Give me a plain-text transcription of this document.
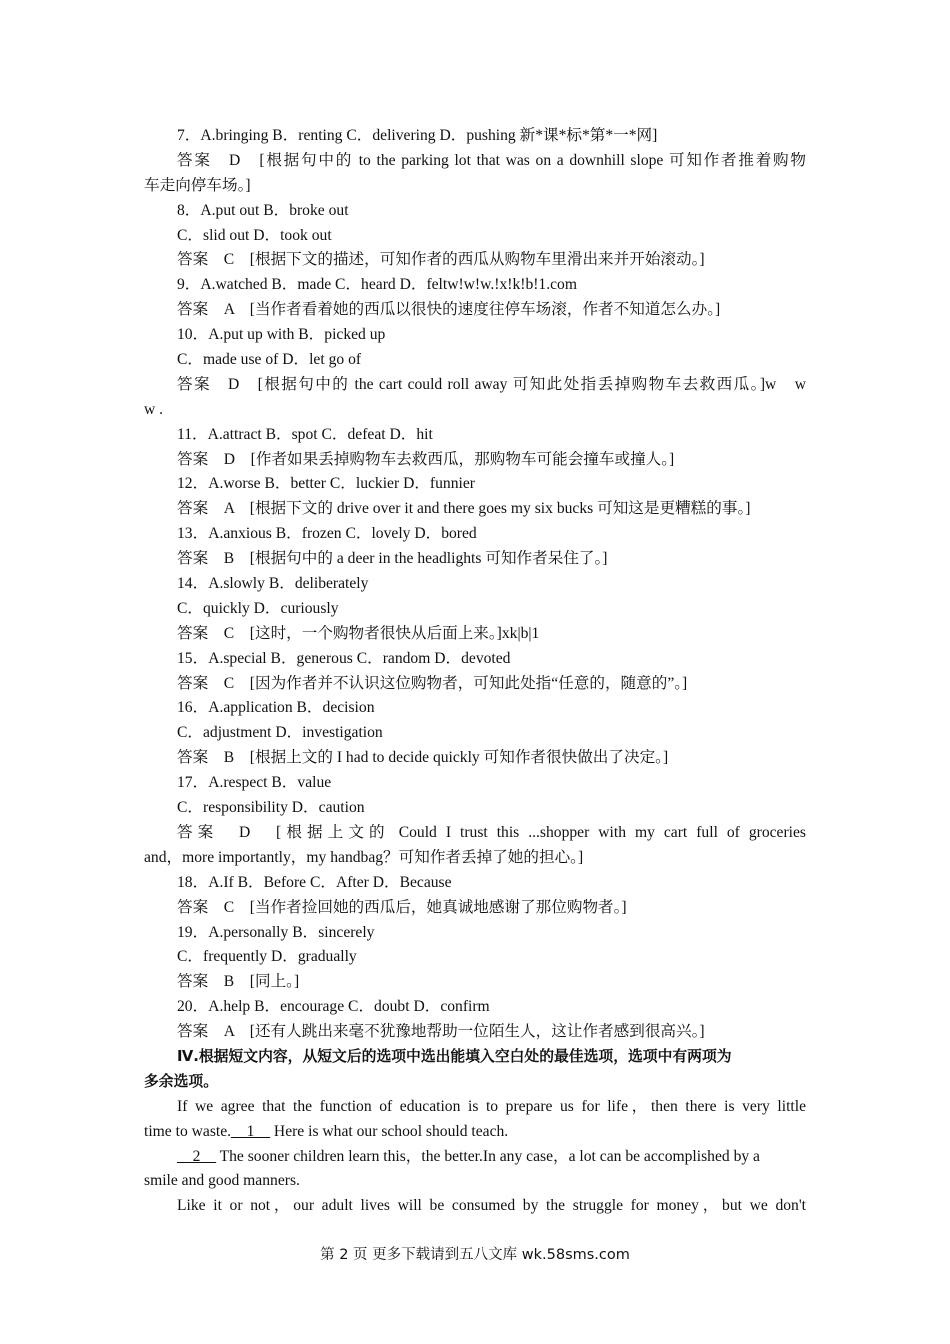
7．A.bringing B．renting C．delivering D．pushing 新*课*标*第*一*网]
答案　D　[根据句中的 to the parking lot that was on a downhill slope 可知作者推着购物
车走向停车场。]
8．A.put out B．broke out
C．slid out D．took out
答案　C　[根据下文的描述，可知作者的西瓜从购物车里滑出来并开始滚动。]
9．A.watched B．made C．heard D．feltw!w!w.!x!k!b!1.com
答案　A　[当作者看着她的西瓜以很快的速度往停车场滚，作者不知道怎么办。]
10．A.put up with B．picked up
C．made use of D．let go of
答案　D　[根据句中的 the cart could roll away 可知此处指丢掉购物车去救西瓜。]w　w
w .
11．A.attract B．spot C．defeat D．hit
答案　D　[作者如果丢掉购物车去救西瓜，那购物车可能会撞车或撞人。]
12．A.worse B．better C．luckier D．funnier
答案　A　[根据下文的 drive over it and there goes my six bucks 可知这是更糟糕的事。]
13．A.anxious B．frozen C．lovely D．bored
答案　B　[根据句中的 a deer in the headlights 可知作者呆住了。]
14．A.slowly B．deliberately
C．quickly D．curiously
答案　C　[这时，一个购物者很快从后面上来。]xk|b|1
15．A.special B．generous C．random D．devoted
答案　C　[因为作者并不认识这位购物者，可知此处指“任意的，随意的”。]
16．A.application B．decision
C．adjustment D．investigation
答案　B　[根据上文的 I had to decide quickly 可知作者很快做出了决定。]
17．A.respect B．value
C．responsibility D．caution
答案　D　[根据上文的 Could I trust this ...shopper with my cart full of groceries
and，more importantly，my handbag？可知作者丢掉了她的担心。]
18．A.If B．Before C．After D．Because
答案　C　[当作者捡回她的西瓜后，她真诚地感谢了那位购物者。]
19．A.personally B．sincerely
C．frequently D．gradually
答案　B　[同上。]
20．A.help B．encourage C．doubt D．confirm
答案　A　[还有人跳出来毫不犹豫地帮助一位陌生人，这让作者感到很高兴。]
Ⅳ.根据短文内容，从短文后的选项中选出能填入空白处的最佳选项，选项中有两项为
多余选项。
If we agree that the function of education is to prepare us for life，then there is very little
time to waste.__1__ Here is what our school should teach.
__2__ The sooner children learn this，the better.In any case，a lot can be accomplished by a
smile and good manners.
Like it or not，our adult lives will be consumed by the struggle for money，but we don't
第 2 页 更多下载请到五八文库 wk.58sms.com
